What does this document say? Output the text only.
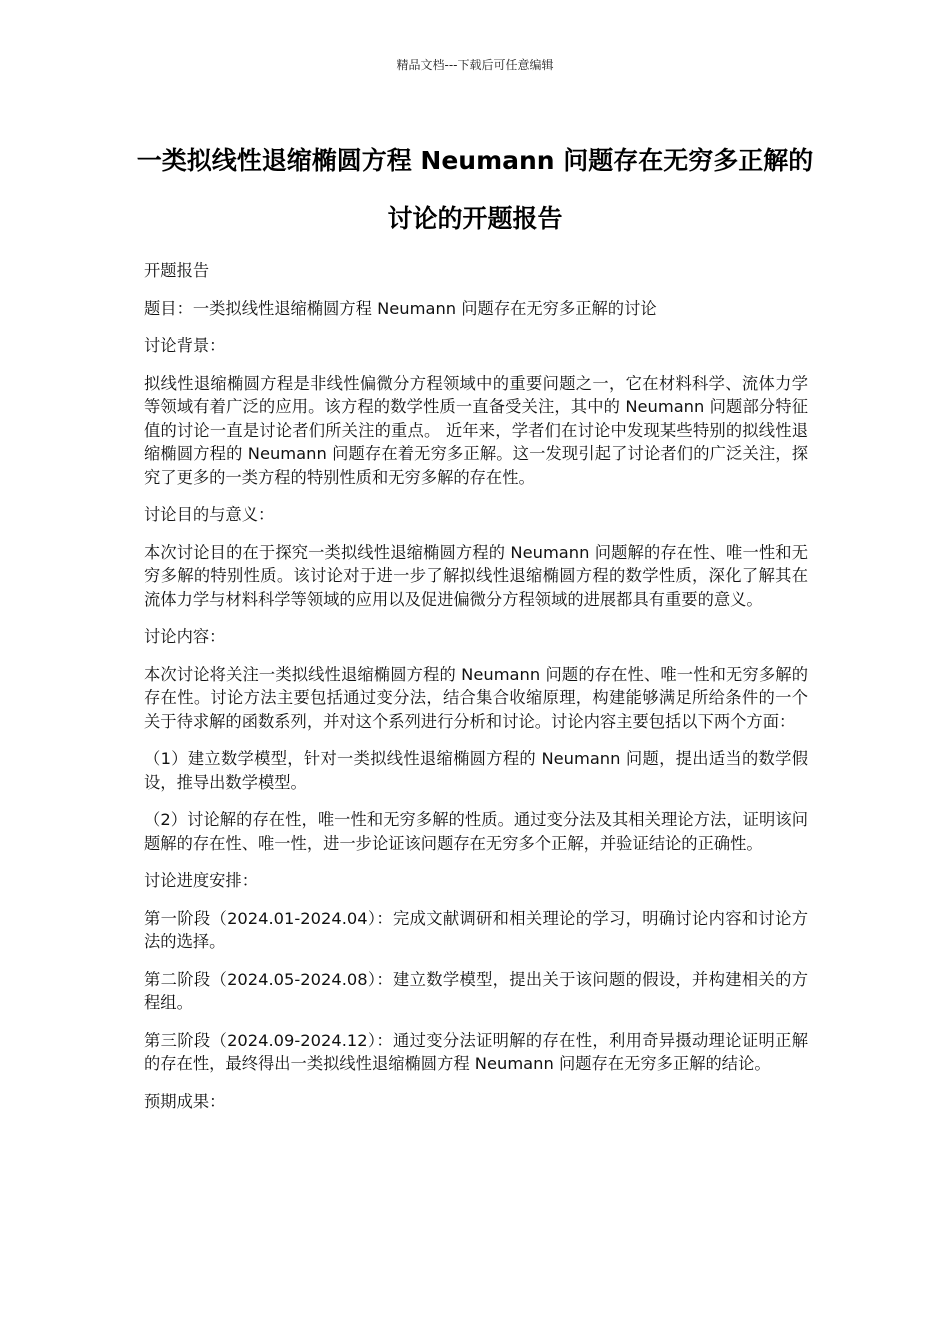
精品文档---下载后可任意编辑
一类拟线性退缩椭圆方程 Neumann 问题存在无穷多正解的
讨论的开题报告

开题报告

题目：一类拟线性退缩椭圆方程 Neumann 问题存在无穷多正解的讨论

讨论背景：

拟线性退缩椭圆方程是非线性偏微分方程领域中的重要问题之一，它在材料科学、流体力学等领域有着广泛的应用。该方程的数学性质一直备受关注，其中的 Neumann 问题部分特征值的讨论一直是讨论者们所关注的重点。 近年来，学者们在讨论中发现某些特别的拟线性退缩椭圆方程的 Neumann 问题存在着无穷多正解。这一发现引起了讨论者们的广泛关注，探究了更多的一类方程的特别性质和无穷多解的存在性。

讨论目的与意义：

本次讨论目的在于探究一类拟线性退缩椭圆方程的 Neumann 问题解的存在性、唯一性和无穷多解的特别性质。该讨论对于进一步了解拟线性退缩椭圆方程的数学性质，深化了解其在流体力学与材料科学等领域的应用以及促进偏微分方程领域的进展都具有重要的意义。

讨论内容：

本次讨论将关注一类拟线性退缩椭圆方程的 Neumann 问题的存在性、唯一性和无穷多解的存在性。讨论方法主要包括通过变分法，结合集合收缩原理，构建能够满足所给条件的一个关于待求解的函数系列，并对这个系列进行分析和讨论。讨论内容主要包括以下两个方面：

（1）建立数学模型，针对一类拟线性退缩椭圆方程的 Neumann 问题，提出适当的数学假设，推导出数学模型。

（2）讨论解的存在性，唯一性和无穷多解的性质。通过变分法及其相关理论方法，证明该问题解的存在性、唯一性，进一步论证该问题存在无穷多个正解，并验证结论的正确性。

讨论进度安排：

第一阶段（2024.01-2024.04）：完成文献调研和相关理论的学习，明确讨论内容和讨论方法的选择。

第二阶段（2024.05-2024.08）：建立数学模型，提出关于该问题的假设，并构建相关的方程组。

第三阶段（2024.09-2024.12）：通过变分法证明解的存在性，利用奇异摄动理论证明正解的存在性，最终得出一类拟线性退缩椭圆方程 Neumann 问题存在无穷多正解的结论。

预期成果：
